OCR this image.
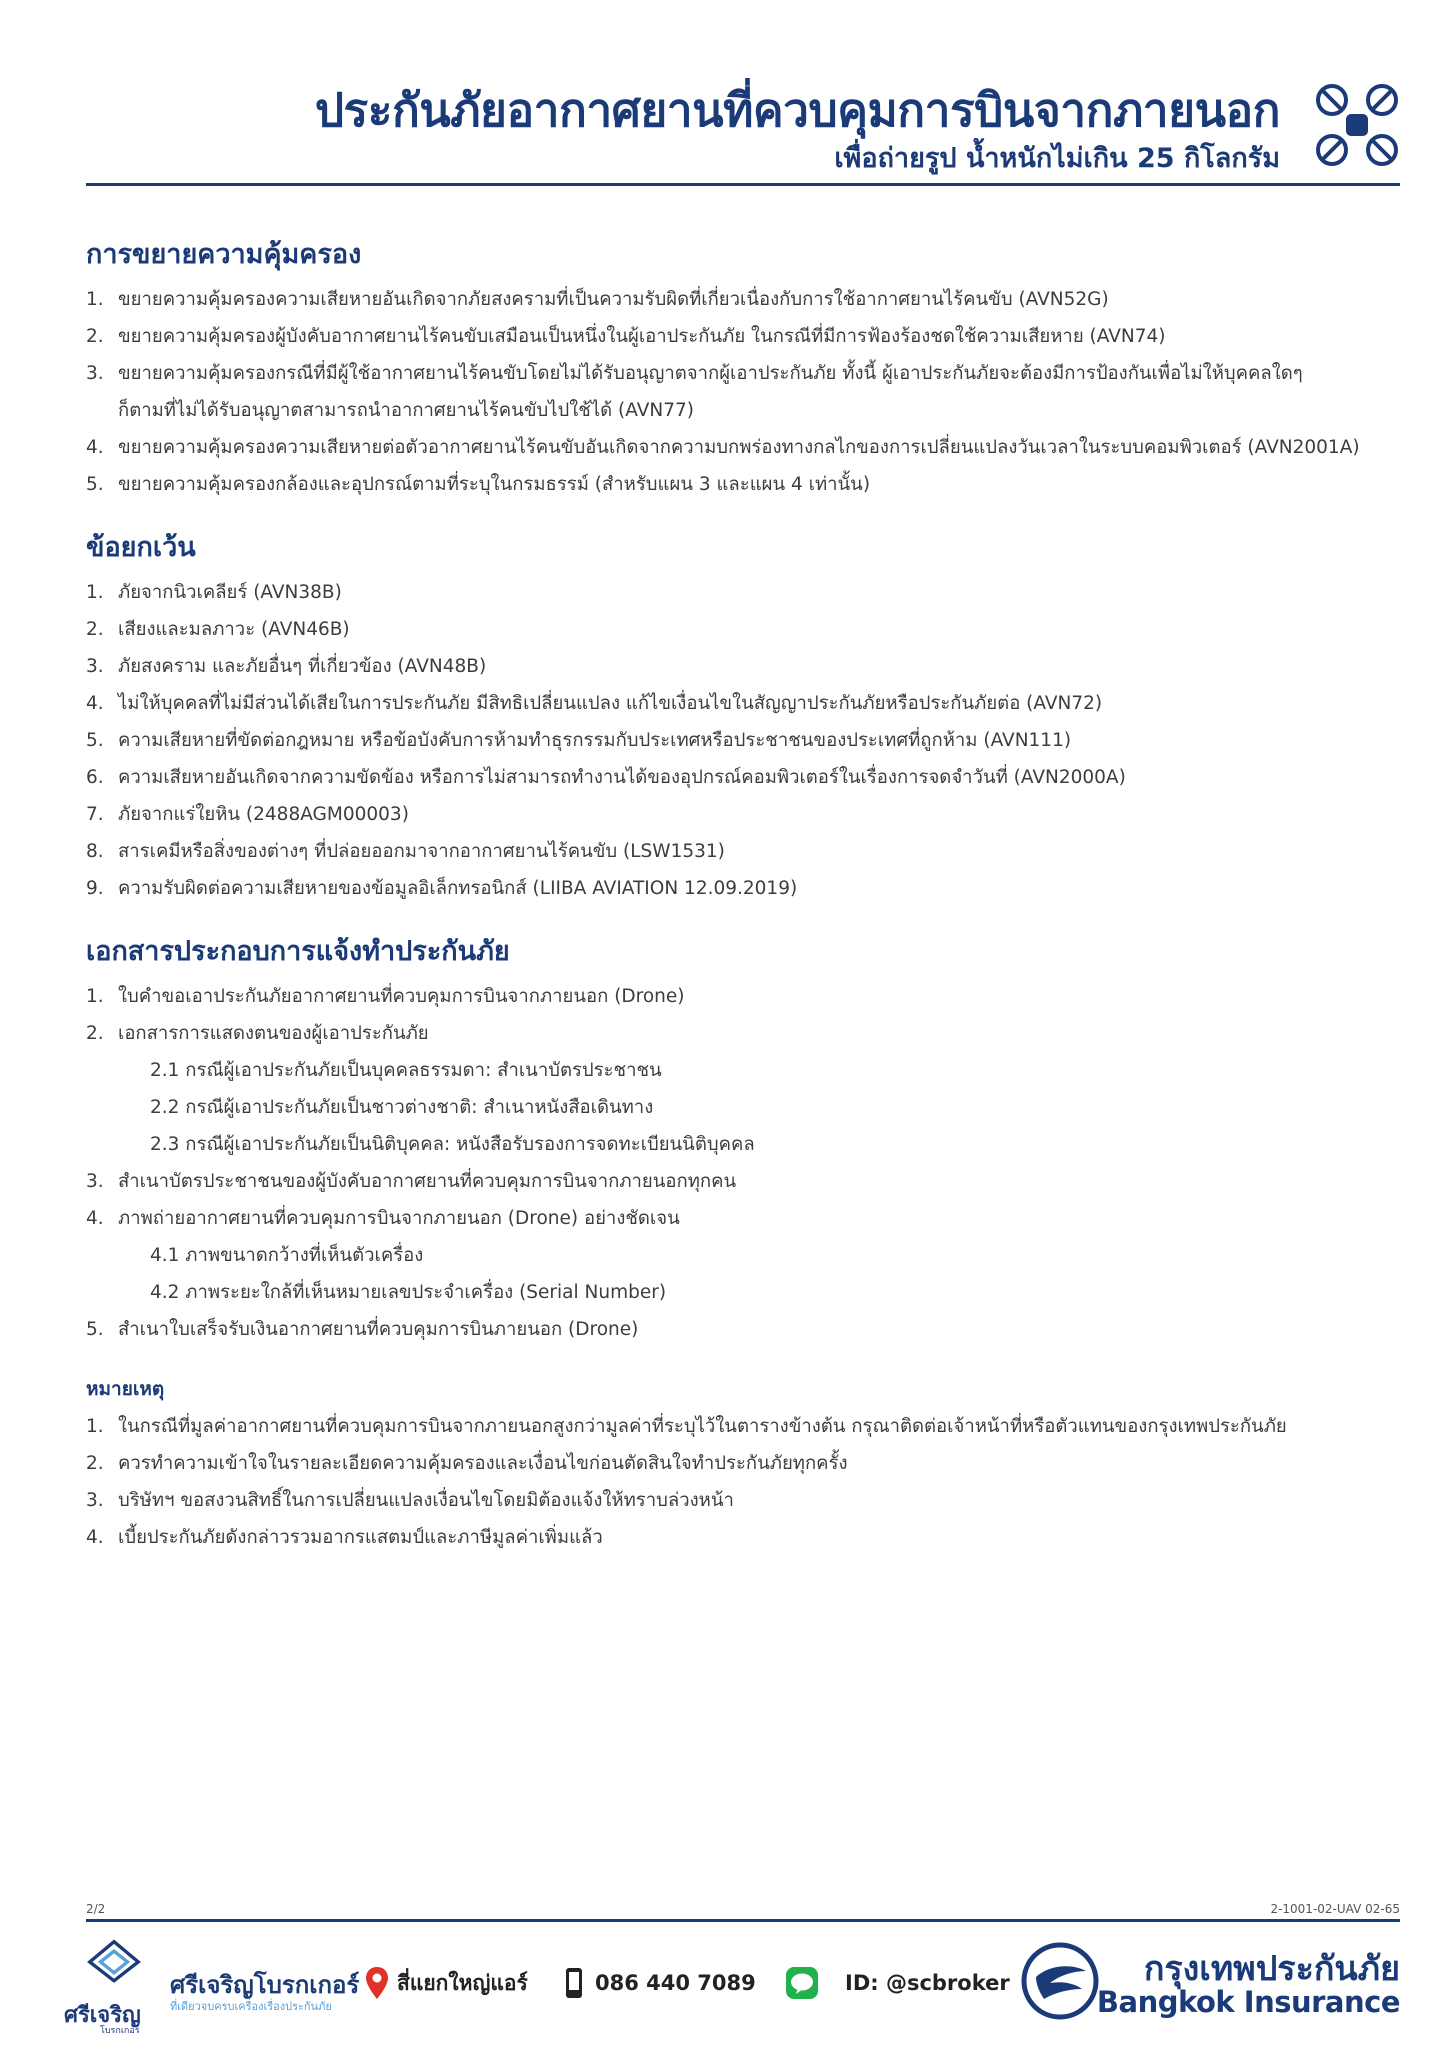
ประกันภัยอากาศยานที่ควบคุมการบินจากภายนอก
เพื่อถ่ายรูป น้ำหนักไม่เกิน 25 กิโลกรัม
การขยายความคุ้มครอง
1. ขยายความคุ้มครองความเสียหายอันเกิดจากภัยสงครามที่เป็นความรับผิดที่เกี่ยวเนื่องกับการใช้อากาศยานไร้คนขับ (AVN52G)
2. ขยายความคุ้มครองผู้บังคับอากาศยานไร้คนขับเสมือนเป็นหนึ่งในผู้เอาประกันภัย ในกรณีที่มีการฟ้องร้องชดใช้ความเสียหาย (AVN74)
3. ขยายความคุ้มครองกรณีที่มีผู้ใช้อากาศยานไร้คนขับโดยไม่ได้รับอนุญาตจากผู้เอาประกันภัย ทั้งนี้ ผู้เอาประกันภัยจะต้องมีการป้องกันเพื่อไม่ให้บุคคลใดๆ
ก็ตามที่ไม่ได้รับอนุญาตสามารถนำอากาศยานไร้คนขับไปใช้ได้ (AVN77)
4. ขยายความคุ้มครองความเสียหายต่อตัวอากาศยานไร้คนขับอันเกิดจากความบกพร่องทางกลไกของการเปลี่ยนแปลงวันเวลาในระบบคอมพิวเตอร์ (AVN2001A)
5. ขยายความคุ้มครองกล้องและอุปกรณ์ตามที่ระบุในกรมธรรม์ (สำหรับแผน 3 และแผน 4 เท่านั้น)
ข้อยกเว้น
1. ภัยจากนิวเคลียร์ (AVN38B)
2. เสียงและมลภาวะ (AVN46B)
3. ภัยสงคราม และภัยอื่นๆ ที่เกี่ยวข้อง (AVN48B)
4. ไม่ให้บุคคลที่ไม่มีส่วนได้เสียในการประกันภัย มีสิทธิเปลี่ยนแปลง แก้ไขเงื่อนไขในสัญญาประกันภัยหรือประกันภัยต่อ (AVN72)
5. ความเสียหายที่ขัดต่อกฎหมาย หรือข้อบังคับการห้ามทำธุรกรรมกับประเทศหรือประชาชนของประเทศที่ถูกห้าม (AVN111)
6. ความเสียหายอันเกิดจากความขัดข้อง หรือการไม่สามารถทำงานได้ของอุปกรณ์คอมพิวเตอร์ในเรื่องการจดจำวันที่ (AVN2000A)
7. ภัยจากแร่ใยหิน (2488AGM00003)
8. สารเคมีหรือสิ่งของต่างๆ ที่ปล่อยออกมาจากอากาศยานไร้คนขับ (LSW1531)
9. ความรับผิดต่อความเสียหายของข้อมูลอิเล็กทรอนิกส์ (LIIBA AVIATION 12.09.2019)
เอกสารประกอบการแจ้งทำประกันภัย
1. ใบคำขอเอาประกันภัยอากาศยานที่ควบคุมการบินจากภายนอก (Drone)
2. เอกสารการแสดงตนของผู้เอาประกันภัย
2.1 กรณีผู้เอาประกันภัยเป็นบุคคลธรรมดา: สำเนาบัตรประชาชน
2.2 กรณีผู้เอาประกันภัยเป็นชาวต่างชาติ: สำเนาหนังสือเดินทาง
2.3 กรณีผู้เอาประกันภัยเป็นนิติบุคคล: หนังสือรับรองการจดทะเบียนนิติบุคคล
3. สำเนาบัตรประชาชนของผู้บังคับอากาศยานที่ควบคุมการบินจากภายนอกทุกคน
4. ภาพถ่ายอากาศยานที่ควบคุมการบินจากภายนอก (Drone) อย่างชัดเจน
4.1 ภาพขนาดกว้างที่เห็นตัวเครื่อง
4.2 ภาพระยะใกล้ที่เห็นหมายเลขประจำเครื่อง (Serial Number)
5. สำเนาใบเสร็จรับเงินอากาศยานที่ควบคุมการบินภายนอก (Drone)
หมายเหตุ
1. ในกรณีที่มูลค่าอากาศยานที่ควบคุมการบินจากภายนอกสูงกว่ามูลค่าที่ระบุไว้ในตารางข้างต้น กรุณาติดต่อเจ้าหน้าที่หรือตัวแทนของกรุงเทพประกันภัย
2. ควรทำความเข้าใจในรายละเอียดความคุ้มครองและเงื่อนไขก่อนตัดสินใจทำประกันภัยทุกครั้ง
3. บริษัทฯ ขอสงวนสิทธิ์ในการเปลี่ยนแปลงเงื่อนไขโดยมิต้องแจ้งให้ทราบล่วงหน้า
4. เบี้ยประกันภัยดังกล่าวรวมอากรแสตมป์และภาษีมูลค่าเพิ่มแล้ว
2/2	2-1001-02-UAV 02-65
ศรีเจริญ
โบรกเกอร์
ศรีเจริญโบรกเกอร์
ที่เดียวจบครบเครื่องเรื่องประกันภัย
สี่แยกใหญ่แอร์	086 440 7089	ID: @scbroker	กรุงเทพประกันภัย
Bangkok Insurance
